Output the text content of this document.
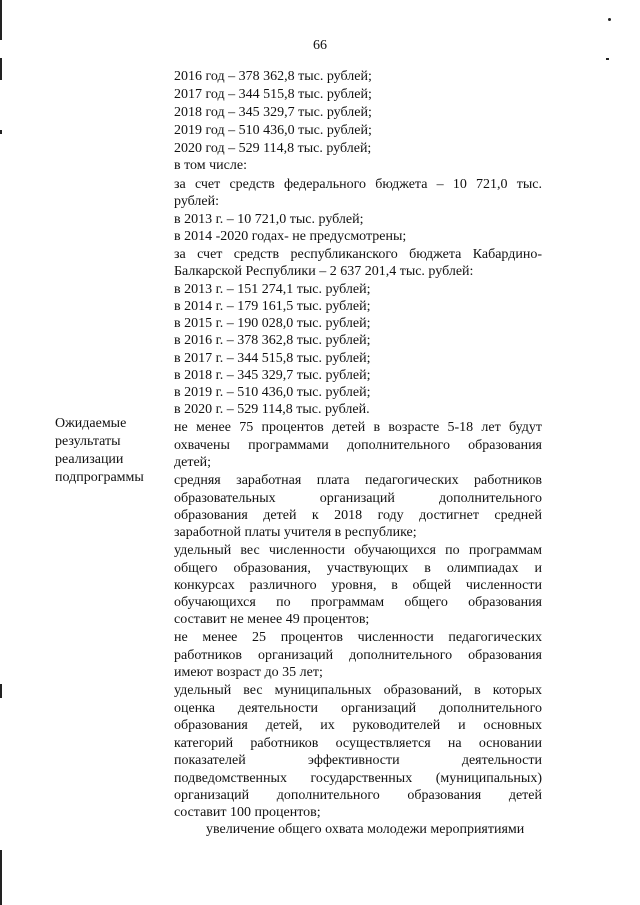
66
2016 год – 378 362,8 тыс. рублей;
2017 год – 344 515,8 тыс. рублей;
2018 год – 345 329,7 тыс. рублей;
2019 год – 510 436,0 тыс. рублей;
2020 год – 529 114,8 тыс. рублей;
в том числе:
за счет средств федерального бюджета – 10 721,0 тыс.
рублей:
в 2013 г. – 10 721,0 тыс. рублей;
в 2014 -2020 годах- не предусмотрены;
за счет средств республиканского бюджета Кабардино-
Балкарской Республики – 2 637 201,4 тыс. рублей:
в 2013 г. – 151 274,1 тыс. рублей;
в 2014 г. – 179 161,5 тыс. рублей;
в 2015 г. – 190 028,0 тыс. рублей;
в 2016 г. – 378 362,8 тыс. рублей;
в 2017 г. – 344 515,8 тыс. рублей;
в 2018 г. – 345 329,7 тыс. рублей;
в 2019 г. – 510 436,0 тыс. рублей;
в 2020 г. – 529 114,8 тыс. рублей.
Ожидаемые
результаты
реализации
подпрограммы
не менее 75 процентов детей в возрасте 5-18 лет будут
охвачены программами дополнительного образования
детей;
средняя заработная плата педагогических работников
образовательных организаций дополнительного
образования детей к 2018 году достигнет средней
заработной платы учителя в республике;
удельный вес численности обучающихся по программам
общего образования, участвующих в олимпиадах и
конкурсах различного уровня, в общей численности
обучающихся по программам общего образования
составит не менее 49 процентов;
не менее 25 процентов численности педагогических
работников организаций дополнительного образования
имеют возраст до 35 лет;
удельный вес муниципальных образований, в которых
оценка деятельности организаций дополнительного
образования детей, их руководителей и основных
категорий работников осуществляется на основании
показателей эффективности деятельности
подведомственных государственных (муниципальных)
организаций дополнительного образования детей
составит 100 процентов;
увеличение общего охвата молодежи мероприятиями
